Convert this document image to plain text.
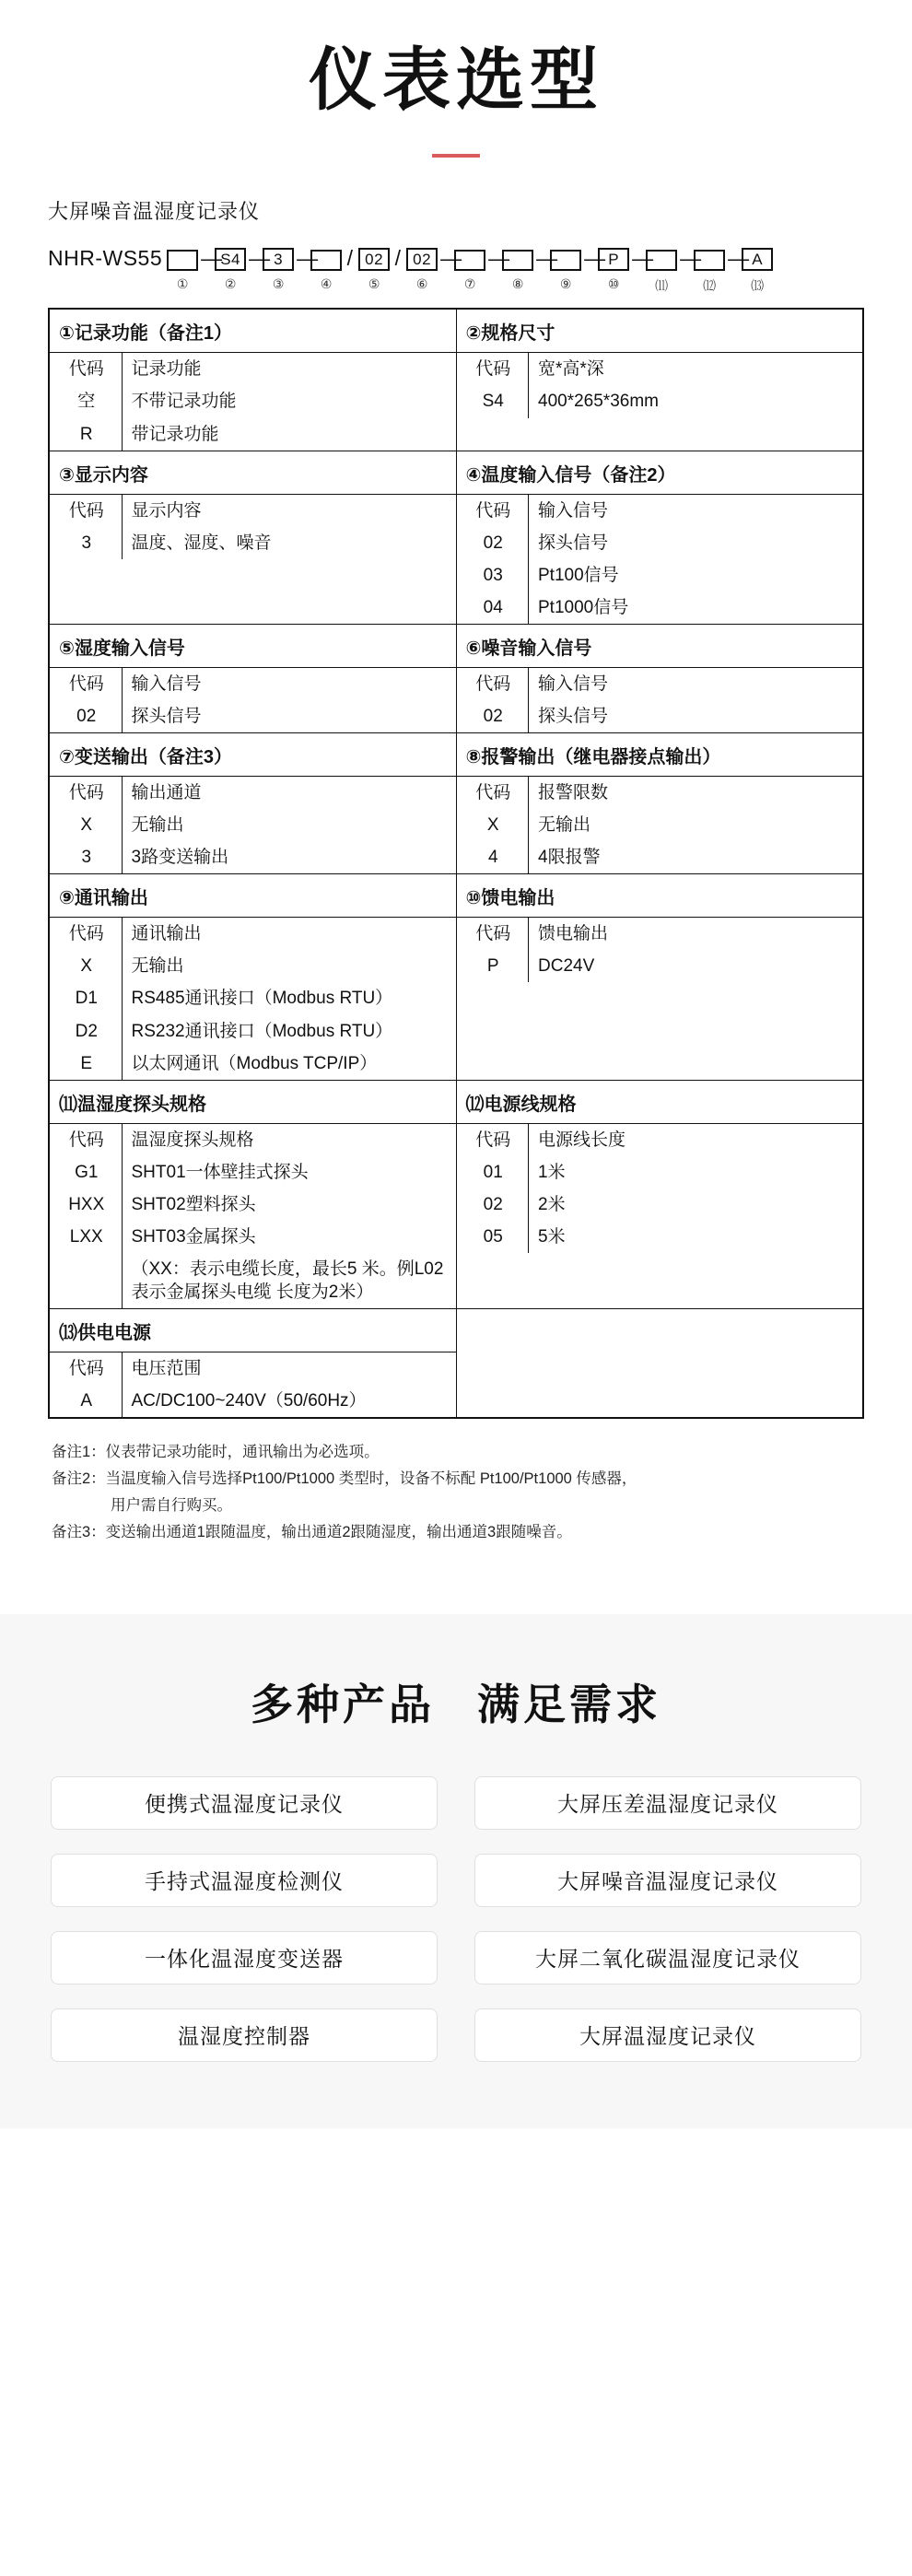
仪表选型
大屏噪音温湿度记录仪
NHR-WS55 —
S4 — 3 — / 02 / 02 — — — — P — — — A
①	②	③	④	⑤	⑥	⑦	⑧	⑨	⑩	⑾	⑿	⒀
①记录功能（备注1）
代码	记录功能
空	不带记录功能
R	带记录功能

②规格尺寸
代码	宽*高*深
S4	400*265*36mm

③显示内容
代码	显示内容
3	温度、湿度、噪音

④温度输入信号（备注2）
代码	输入信号
02	探头信号
03	Pt100信号
04	Pt1000信号

⑤湿度输入信号
代码	输入信号
02	探头信号

⑥噪音输入信号
代码	输入信号
02	探头信号

⑦变送输出（备注3）
代码	输出通道
X	无输出
3	3路变送输出

⑧报警输出（继电器接点输出）
代码	报警限数
X	无输出
4	4限报警

⑨通讯输出
代码	通讯输出
X	无输出
D1	RS485通讯接口（Modbus RTU）
D2	RS232通讯接口（Modbus RTU）
E	以太网通讯（Modbus TCP/IP）

⑩馈电输出
代码	馈电输出
P	DC24V

⑾温湿度探头规格
代码	温湿度探头规格
G1	SHT01一体壁挂式探头
HXX	SHT02塑料探头
LXX	SHT03金属探头
	（XX：表示电缆长度，最长5 米。例L02表示金属探头电缆 长度为2米）

⑿电源线规格
代码	电源线长度
01	1米
02	2米
05	5米

⒀供电电源
代码	电压范围
A	AC/DC100~240V（50/60Hz）

备注1：仪表带记录功能时，通讯输出为必选项。
备注2：当温度输入信号选择Pt100/Pt1000 类型时，设备不标配 Pt100/Pt1000 传感器，
用户需自行购买。
备注3：变送输出通道1跟随温度，输出通道2跟随湿度，输出通道3跟随噪音。
多种产品 满足需求
便携式温湿度记录仪	大屏压差温湿度记录仪
手持式温湿度检测仪	大屏噪音温湿度记录仪
一体化温湿度变送器	大屏二氧化碳温湿度记录仪
温湿度控制器	大屏温湿度记录仪
